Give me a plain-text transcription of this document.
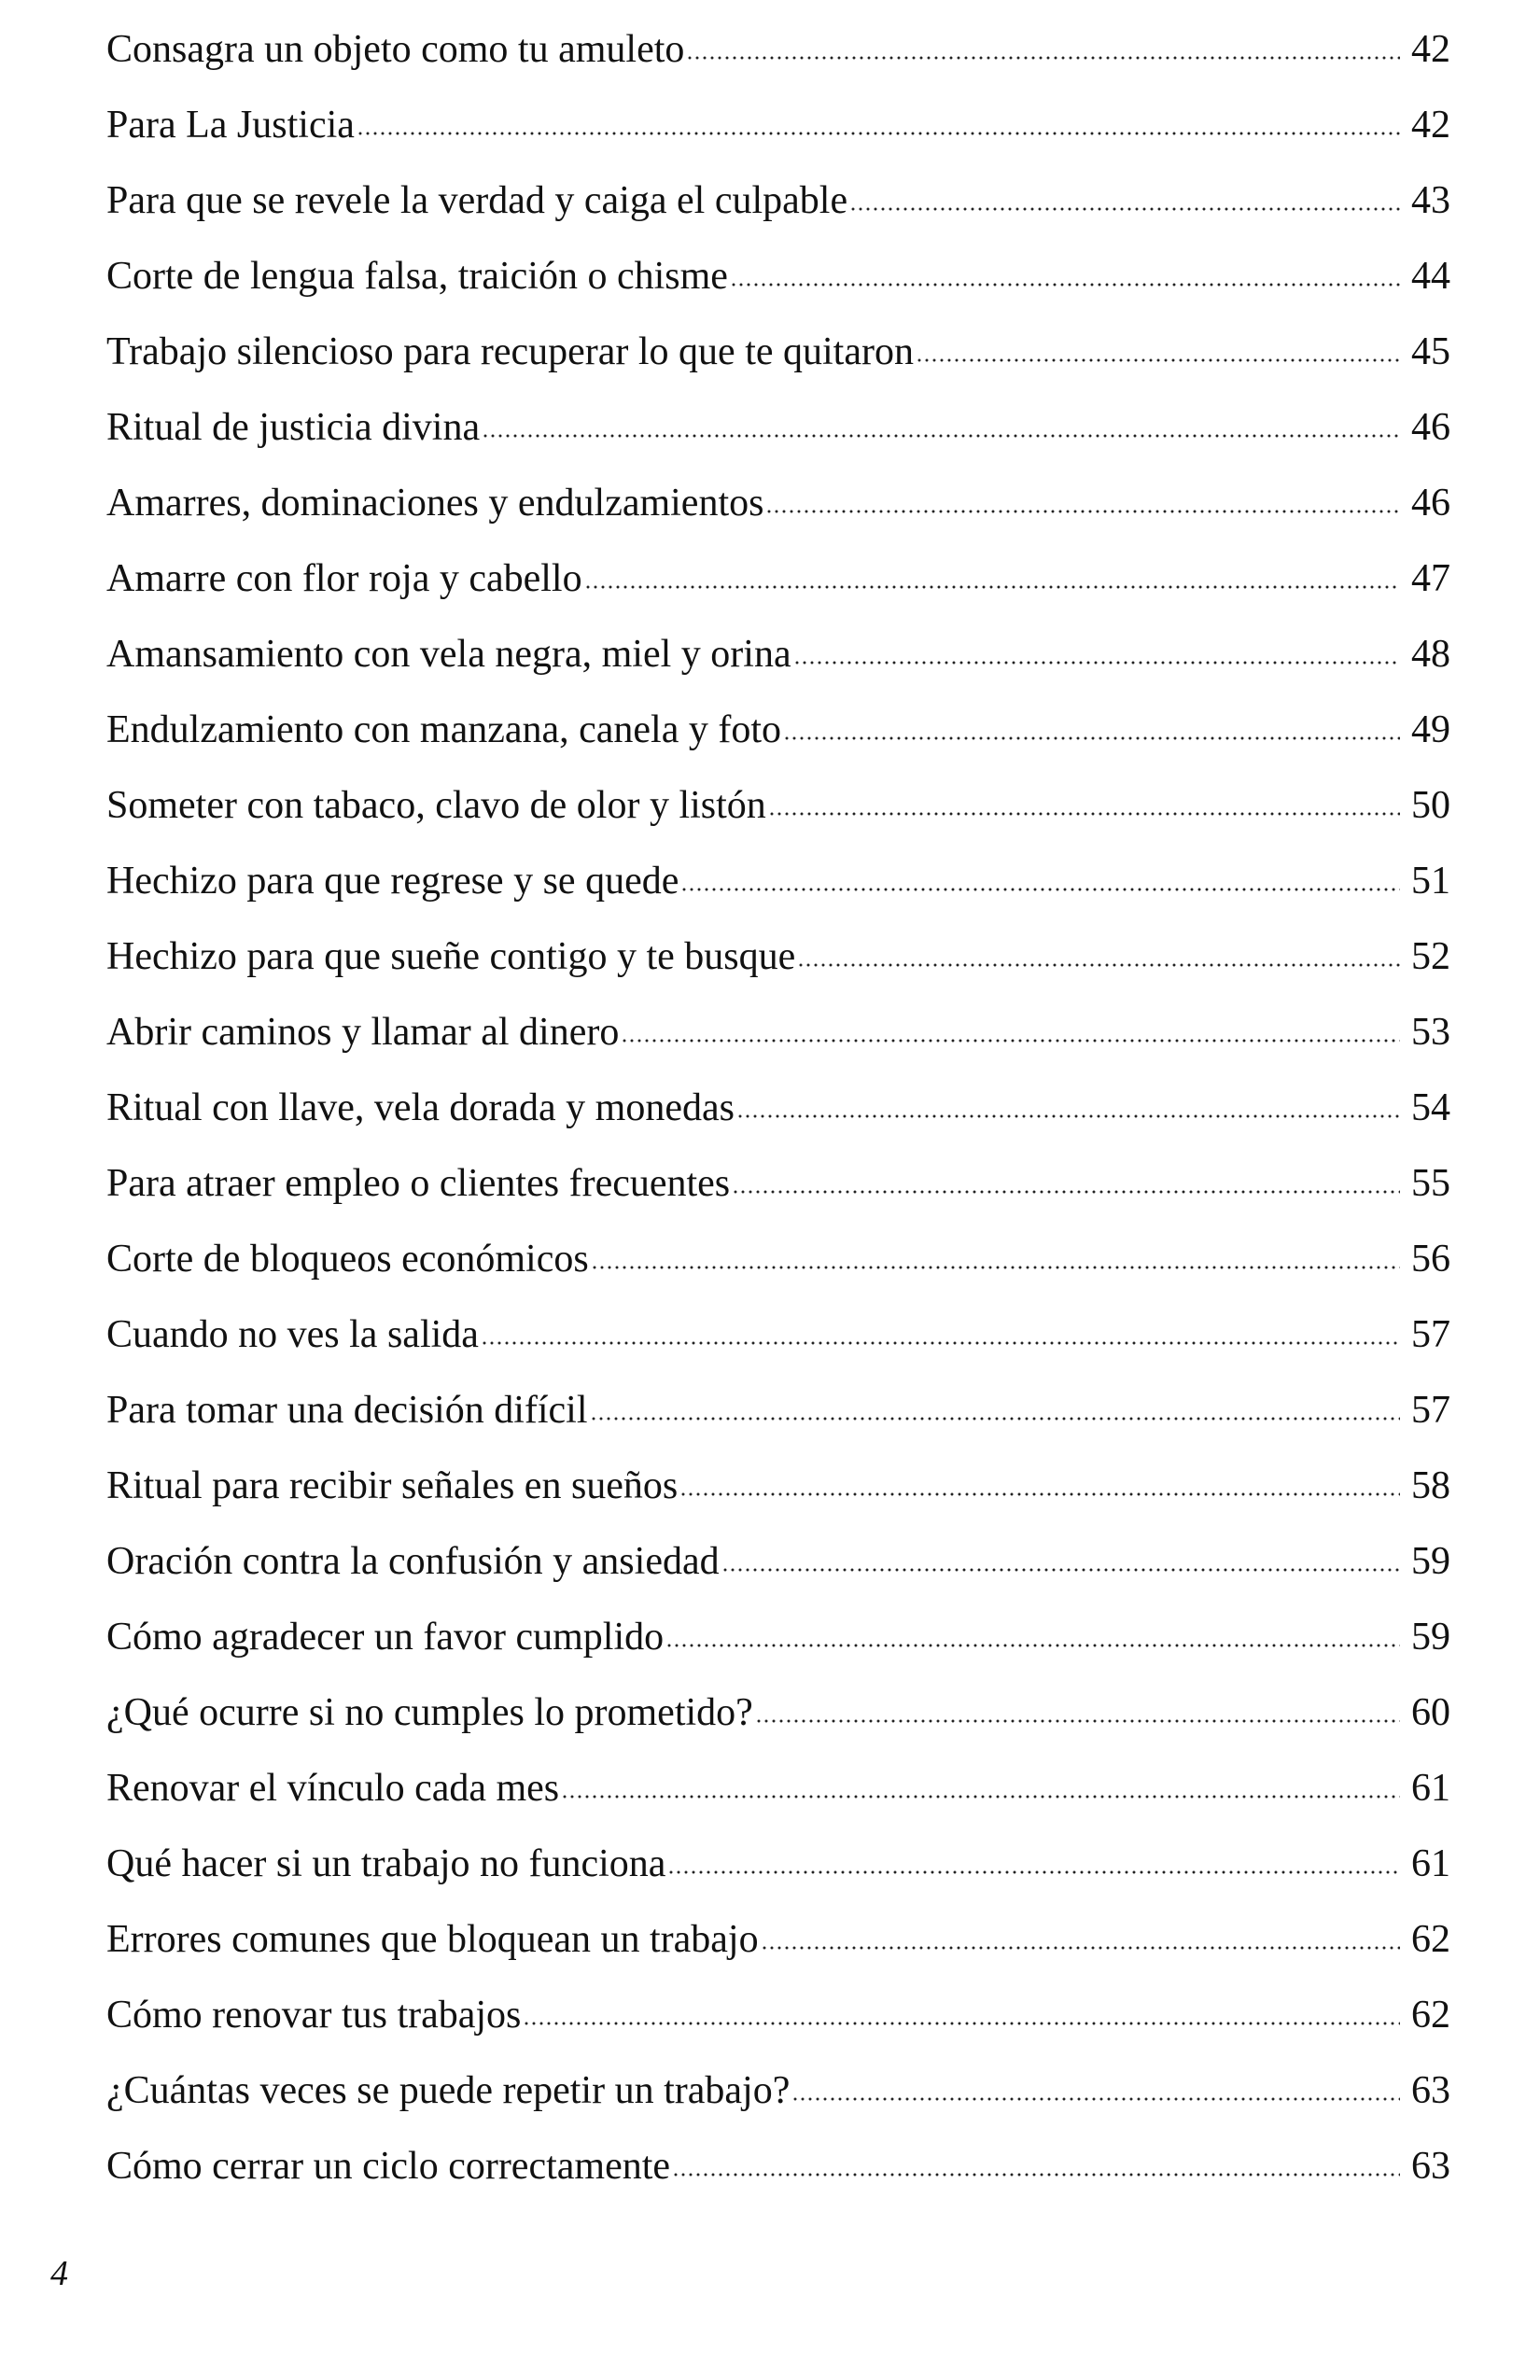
Consagra un objeto como tu amuleto	42
Para La Justicia	42
Para que se revele la verdad y caiga el culpable	43
Corte de lengua falsa, traición o chisme	44
Trabajo silencioso para recuperar lo que te quitaron	45
Ritual de justicia divina	46
Amarres, dominaciones y endulzamientos	46
Amarre con flor roja y cabello	47
Amansamiento con vela negra, miel y orina	48
Endulzamiento con manzana, canela y foto	49
Someter con tabaco, clavo de olor y listón	50
Hechizo para que regrese y se quede	51
Hechizo para que sueñe contigo y te busque	52
Abrir caminos y llamar al dinero	53
Ritual con llave, vela dorada y monedas	54
Para atraer empleo o clientes frecuentes	55
Corte de bloqueos económicos	56
Cuando no ves la salida	57
Para tomar una decisión difícil	57
Ritual para recibir señales en sueños	58
Oración contra la confusión y ansiedad	59
Cómo agradecer un favor cumplido	59
¿Qué ocurre si no cumples lo prometido?	60
Renovar el vínculo cada mes	61
Qué hacer si un trabajo no funciona	61
Errores comunes que bloquean un trabajo	62
Cómo renovar tus trabajos	62
¿Cuántas veces se puede repetir un trabajo?	63
Cómo cerrar un ciclo correctamente	63
4
